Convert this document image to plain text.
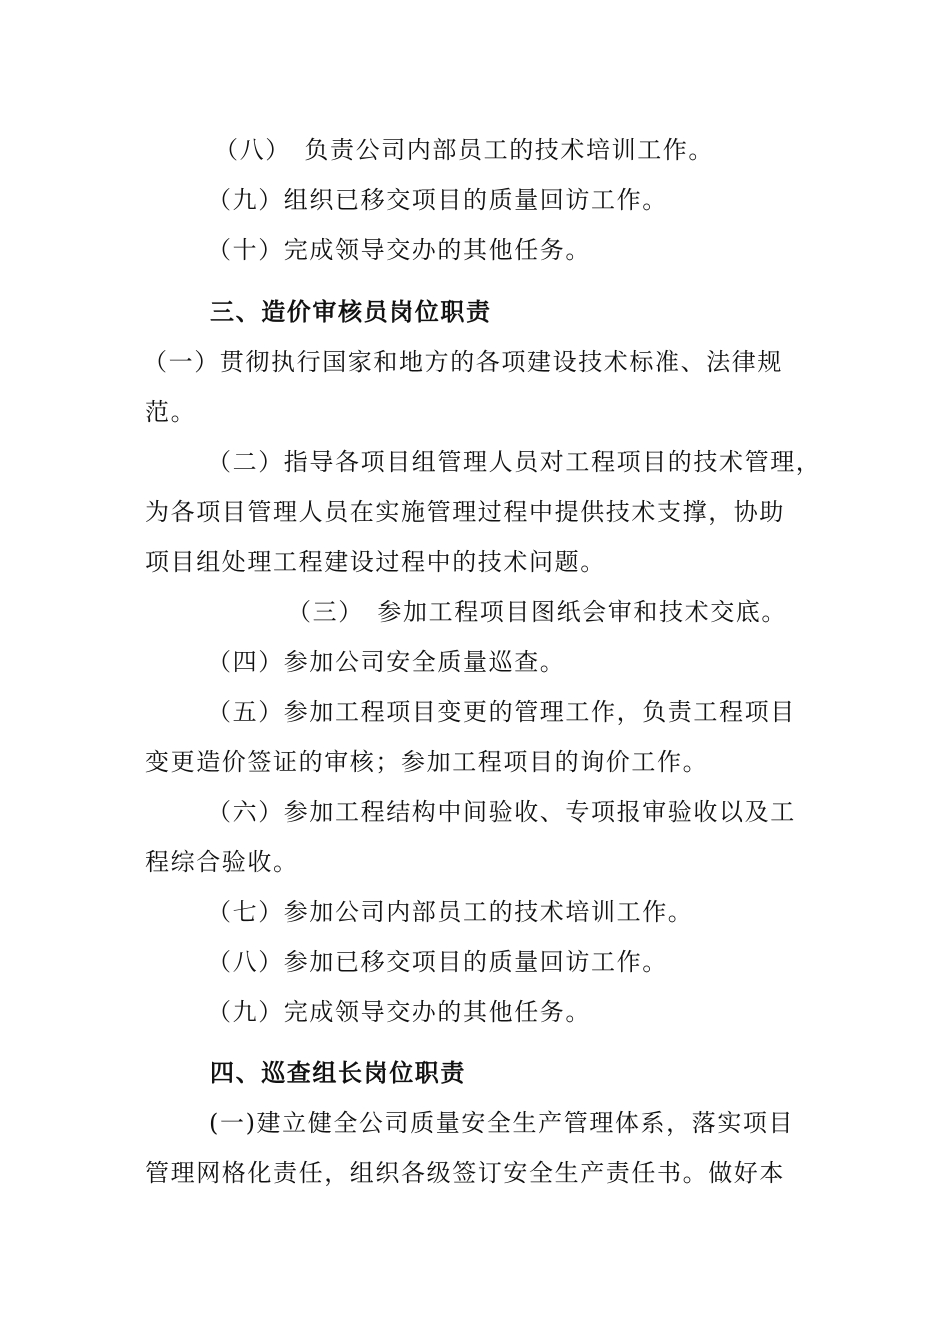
（八）　负责公司内部员工的技术培训工作。
（九）组织已移交项目的质量回访工作。
（十）完成领导交办的其他任务。
三、造价审核员岗位职责
（一）贯彻执行国家和地方的各项建设技术标准、法律规
范。
（二）指导各项目组管理人员对工程项目的技术管理，
为各项目管理人员在实施管理过程中提供技术支撑，协助
项目组处理工程建设过程中的技术问题。
（三）　参加工程项目图纸会审和技术交底。
（四）参加公司安全质量巡查。
（五）参加工程项目变更的管理工作，负责工程项目
变更造价签证的审核；参加工程项目的询价工作。
（六）参加工程结构中间验收、专项报审验收以及工
程综合验收。
（七）参加公司内部员工的技术培训工作。
（八）参加已移交项目的质量回访工作。
（九）完成领导交办的其他任务。
四、巡查组长岗位职责
(一)建立健全公司质量安全生产管理体系，落实项目
管理网格化责任，组织各级签订安全生产责任书。做好本
